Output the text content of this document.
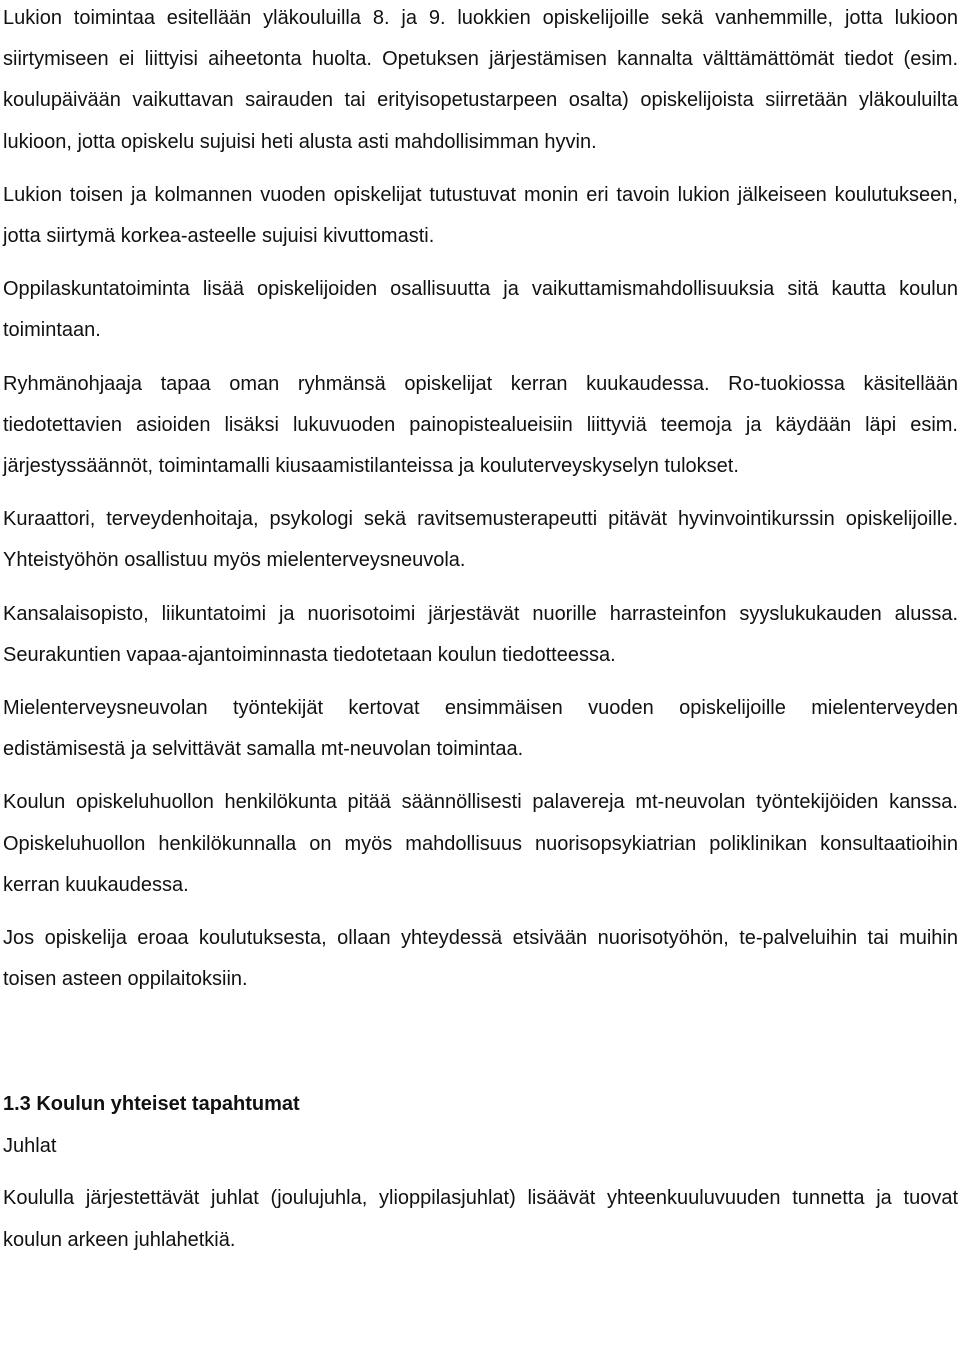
Lukion toimintaa esitellään yläkouluilla 8. ja 9. luokkien opiskelijoille sekä vanhemmille, jotta lukioon siirtymiseen ei liittyisi aiheetonta huolta. Opetuksen järjestämisen kannalta välttämättömät tiedot (esim. koulupäivään vaikuttavan sairauden tai erityisopetustarpeen osalta) opiskelijoista siirretään yläkouluilta lukioon, jotta opiskelu sujuisi heti alusta asti mahdollisimman hyvin.

Lukion toisen ja kolmannen vuoden opiskelijat tutustuvat monin eri tavoin lukion jälkeiseen koulutukseen, jotta siirtymä korkea-asteelle sujuisi kivuttomasti.

Oppilaskuntatoiminta lisää opiskelijoiden osallisuutta ja vaikuttamismahdollisuuksia sitä kautta koulun toimintaan.

Ryhmänohjaaja tapaa oman ryhmänsä opiskelijat kerran kuukaudessa. Ro-tuokiossa käsitellään tiedotettavien asioiden lisäksi lukuvuoden painopistealueisiin liittyviä teemoja ja käydään läpi esim. järjestyssäännöt, toimintamalli kiusaamistilanteissa ja kouluterveyskyselyn tulokset.

Kuraattori, terveydenhoitaja, psykologi sekä ravitsemusterapeutti pitävät hyvinvointikurssin opiskelijoille. Yhteistyöhön osallistuu myös mielenterveysneuvola.

Kansalaisopisto, liikuntatoimi ja nuorisotoimi järjestävät nuorille harrasteinfon syyslukukauden alussa. Seurakuntien vapaa-ajantoiminnasta tiedotetaan koulun tiedotteessa.

Mielenterveysneuvolan työntekijät kertovat ensimmäisen vuoden opiskelijoille mielenterveyden edistämisestä ja selvittävät samalla mt-neuvolan toimintaa.

Koulun opiskeluhuollon henkilökunta pitää säännöllisesti palavereja mt-neuvolan työntekijöiden kanssa. Opiskeluhuollon henkilökunnalla on myös mahdollisuus nuorisopsykiatrian poliklinikan konsultaatioihin kerran kuukaudessa.

Jos opiskelija eroaa koulutuksesta, ollaan yhteydessä etsivään nuorisotyöhön, te-palveluihin tai muihin toisen asteen oppilaitoksiin.

1.3 Koulun yhteiset tapahtumat
Juhlat

Koululla järjestettävät juhlat (joulujuhla, ylioppilasjuhlat) lisäävät yhteenkuuluvuuden tunnetta ja tuovat koulun arkeen juhlahetkiä.
